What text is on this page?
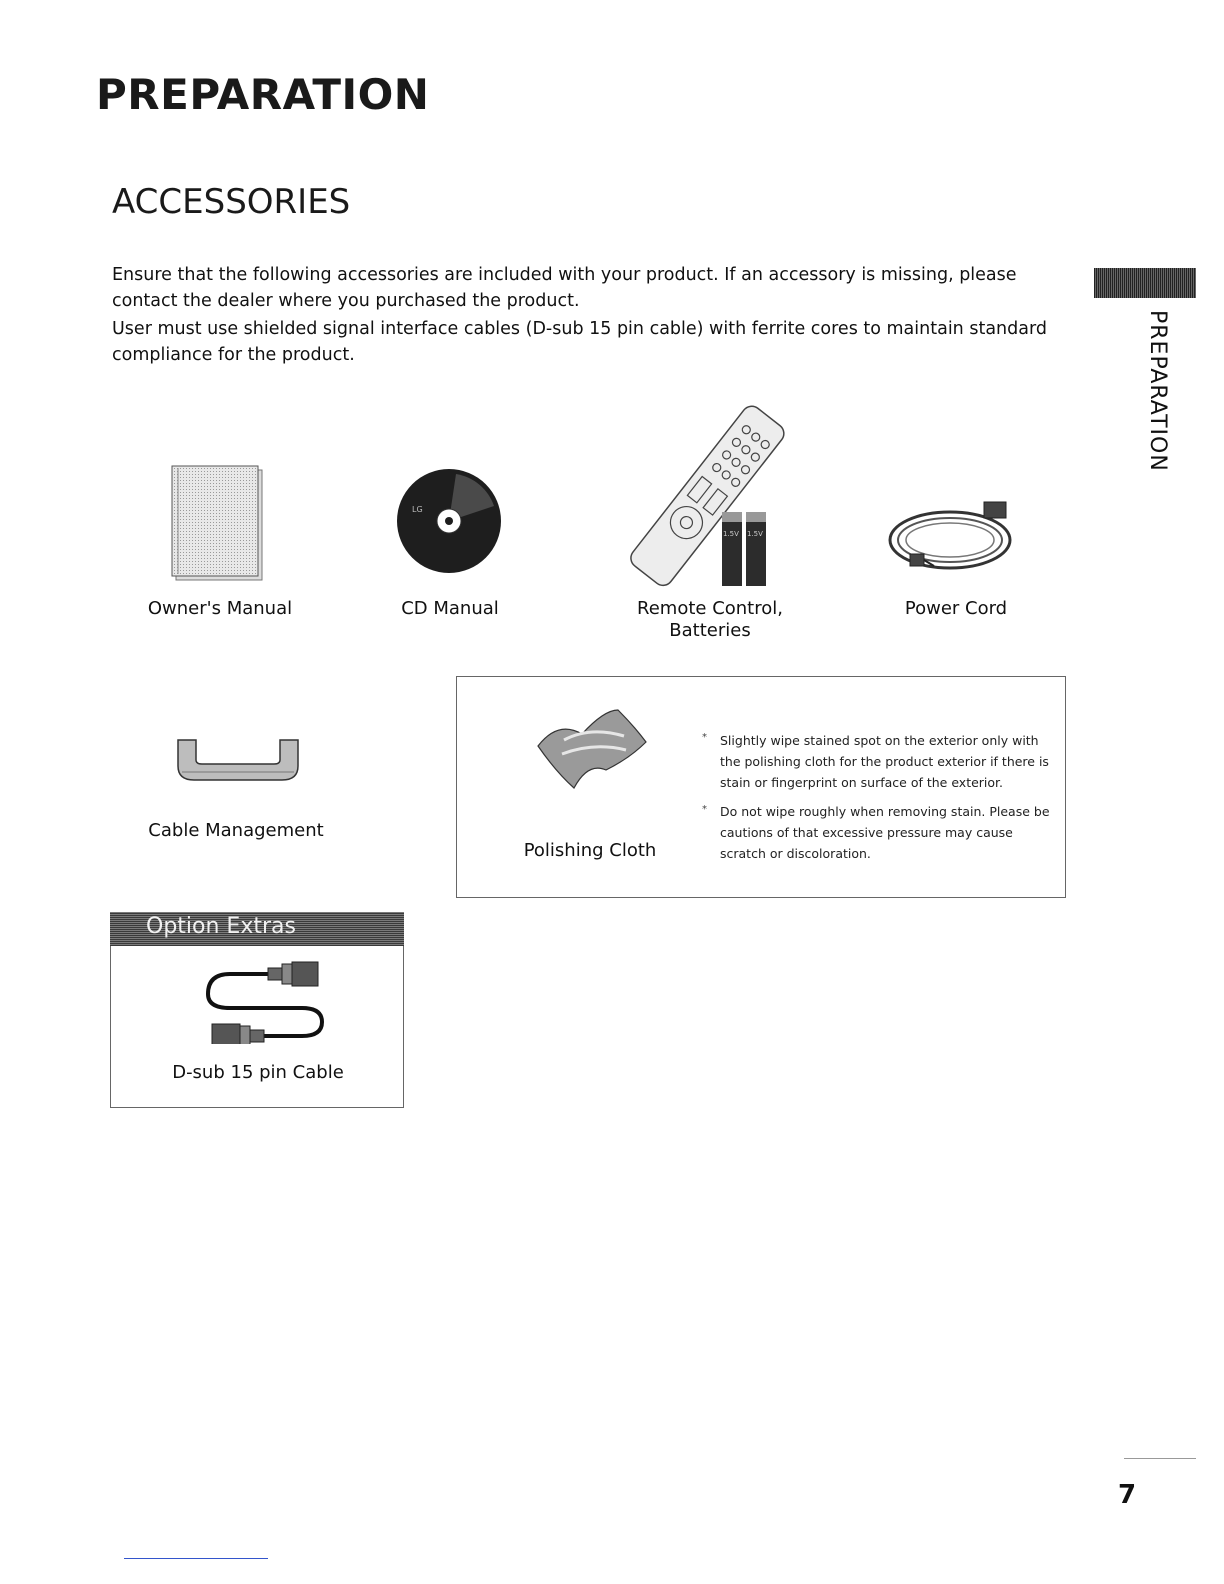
PREPARATION
ACCESSORIES

Ensure that the following accessories are included with your product. If an accessory is missing, please contact the dealer where you purchased the product.

User must use shielded signal interface cables (D-sub 15 pin cable) with ferrite cores to maintain standard compliance for the product.	PREPARATION

Owner's Manual

LG

CD Manual

1.5V 1.5V

Remote Control,

Batteries

Power Cord

Cable Management

Polishing Cloth

* Slightly wipe stained spot on the exterior only with the polishing cloth for the product exterior if there is stain or fingerprint on surface of the exterior.

* Do not wipe roughly when removing stain. Please be cautions of that excessive pressure may cause scratch or discoloration.

Option Extras

D-sub 15 pin Cable

7
